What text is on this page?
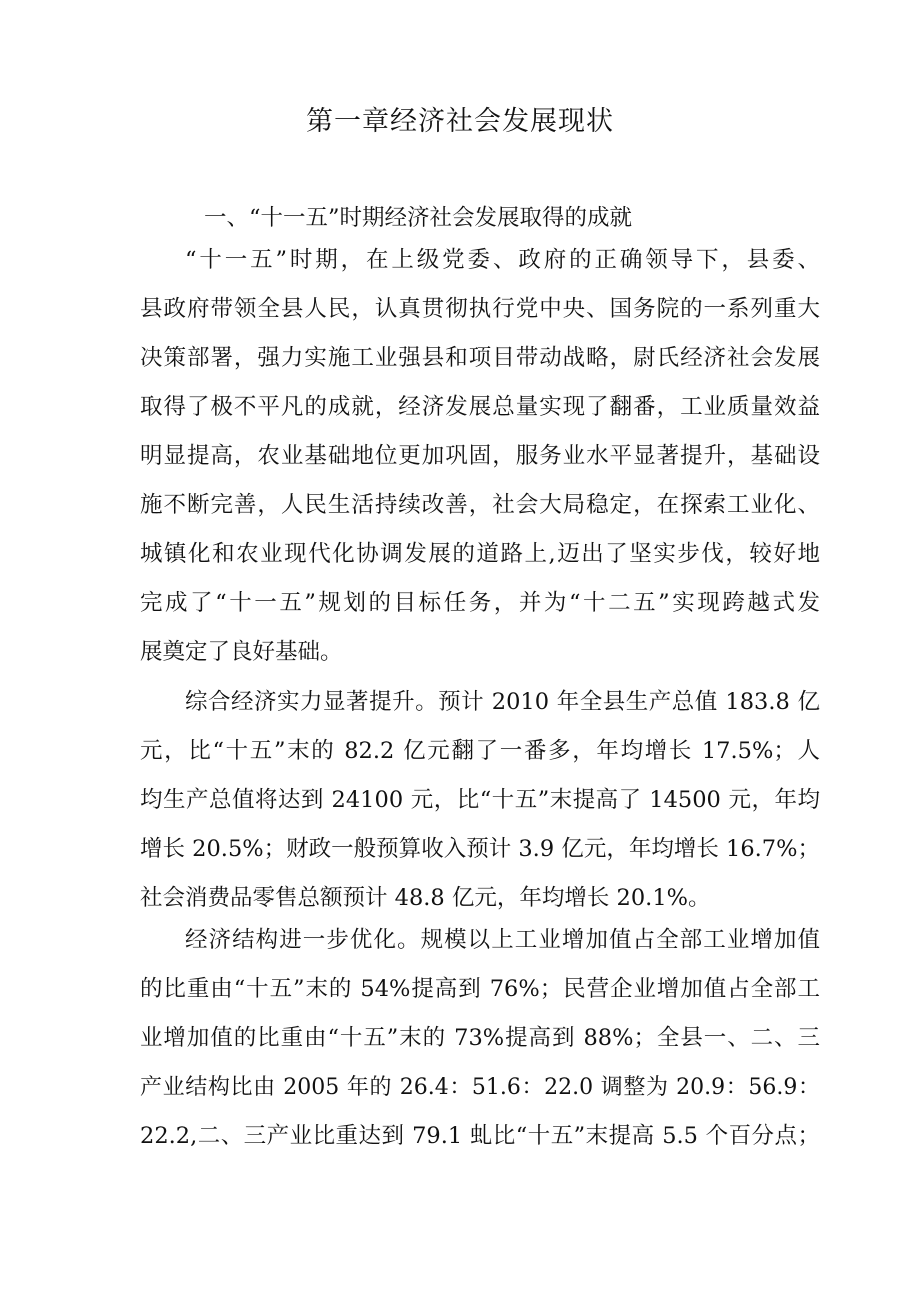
第一章经济社会发展现状
一、“十一五”时期经济社会发展取得的成就
“十一五”时期，在上级党委、政府的正确领导下，县委、
县政府带领全县人民，认真贯彻执行党中央、国务院的一系列重大
决策部署，强力实施工业强县和项目带动战略，尉氏经济社会发展
取得了极不平凡的成就，经济发展总量实现了翻番，工业质量效益
明显提高，农业基础地位更加巩固，服务业水平显著提升，基础设
施不断完善，人民生活持续改善，社会大局稳定，在探索工业化、
城镇化和农业现代化协调发展的道路上,迈出了坚实步伐，较好地
完成了“十一五”规划的目标任务，并为“十二五”实现跨越式发
展奠定了良好基础。
综合经济实力显著提升。预计 2010 年全县生产总值 183.8 亿
元，比“十五”末的 82.2 亿元翻了一番多，年均增长 17.5%；人
均生产总值将达到 24100 元，比“十五”末提高了 14500 元，年均
增长 20.5%；财政一般预算收入预计 3.9 亿元，年均增长 16.7%；
社会消费品零售总额预计 48.8 亿元，年均增长 20.1%。
经济结构进一步优化。规模以上工业增加值占全部工业增加值
的比重由“十五”末的 54%提高到 76%；民营企业增加值占全部工
业增加值的比重由“十五”末的 73%提高到 88%；全县一、二、三
产业结构比由 2005 年的 26.4：51.6：22.0 调整为 20.9：56.9：
22.2,二、三产业比重达到 79.1 虬比“十五”末提高 5.5 个百分点；
